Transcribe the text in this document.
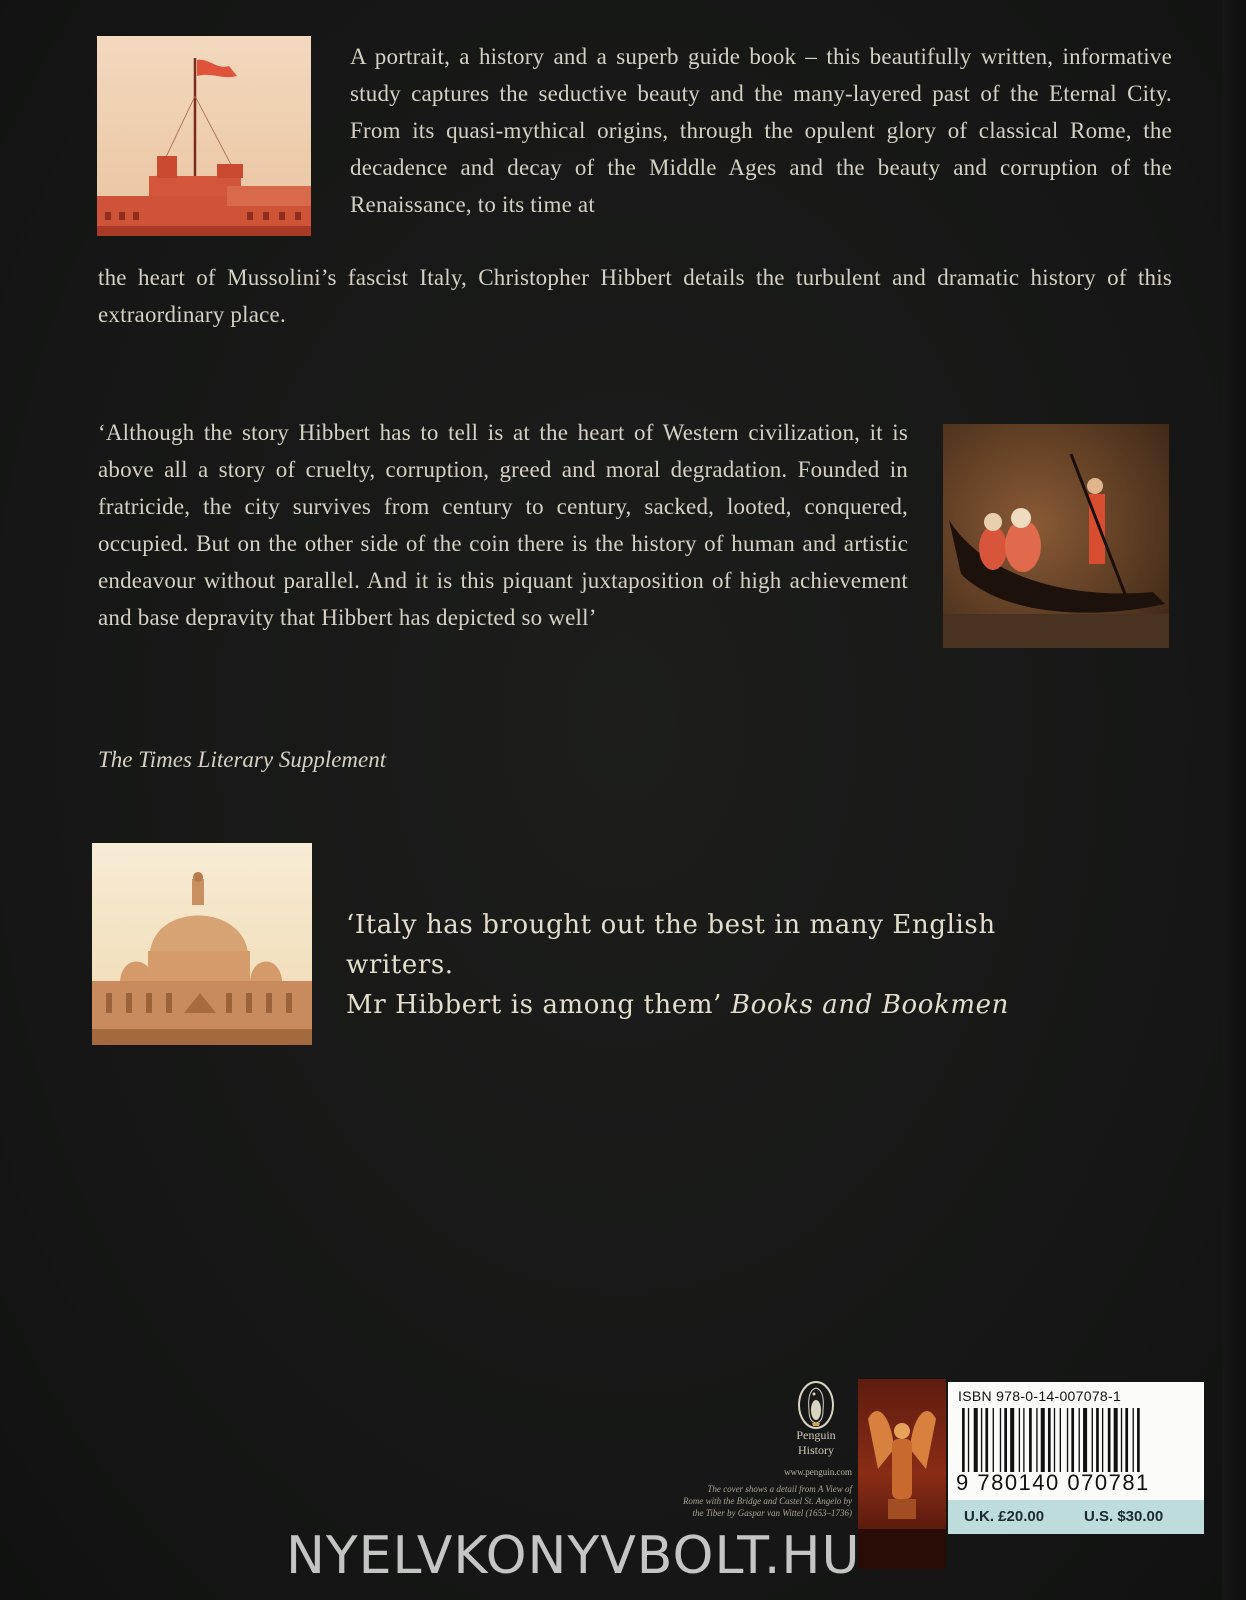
A portrait, a history and a superb guide book – this beautifully written, informative study captures the seductive beauty and the many-layered past of the Eternal City. From its quasi-mythical origins, through the opulent glory of classical Rome, the decadence and decay of the Middle Ages and the beauty and corruption of the Renaissance, to its time at

the heart of Mussolini’s fascist Italy, Christopher Hibbert details the turbulent and dramatic history of this extraordinary place.

‘Although the story Hibbert has to tell is at the heart of Western civilization, it is above all a story of cruelty, corruption, greed and moral degradation. Founded in fratricide, the city survives from century to century, sacked, looted, conquered, occupied. But on the other side of the coin there is the history of human and artistic endeavour without parallel. And it is this piquant juxtaposition of high achievement and base depravity that Hibbert has depicted so well’

The Times Literary Supplement
‘Italy has brought out the best in many English writers.
Mr Hibbert is among them’ Books and Bookmen
Penguin
History
www.penguin.com
The cover shows a detail from A View of
Rome with the Bridge and Castel St. Angelo by
the Tiber by Gaspar van Wittel (1653–1736)
ISBN 978-0-14-007078-1
9 780140 070781
U.K. £20.00	U.S. $30.00
NYELVKONYVBOLT.HU
